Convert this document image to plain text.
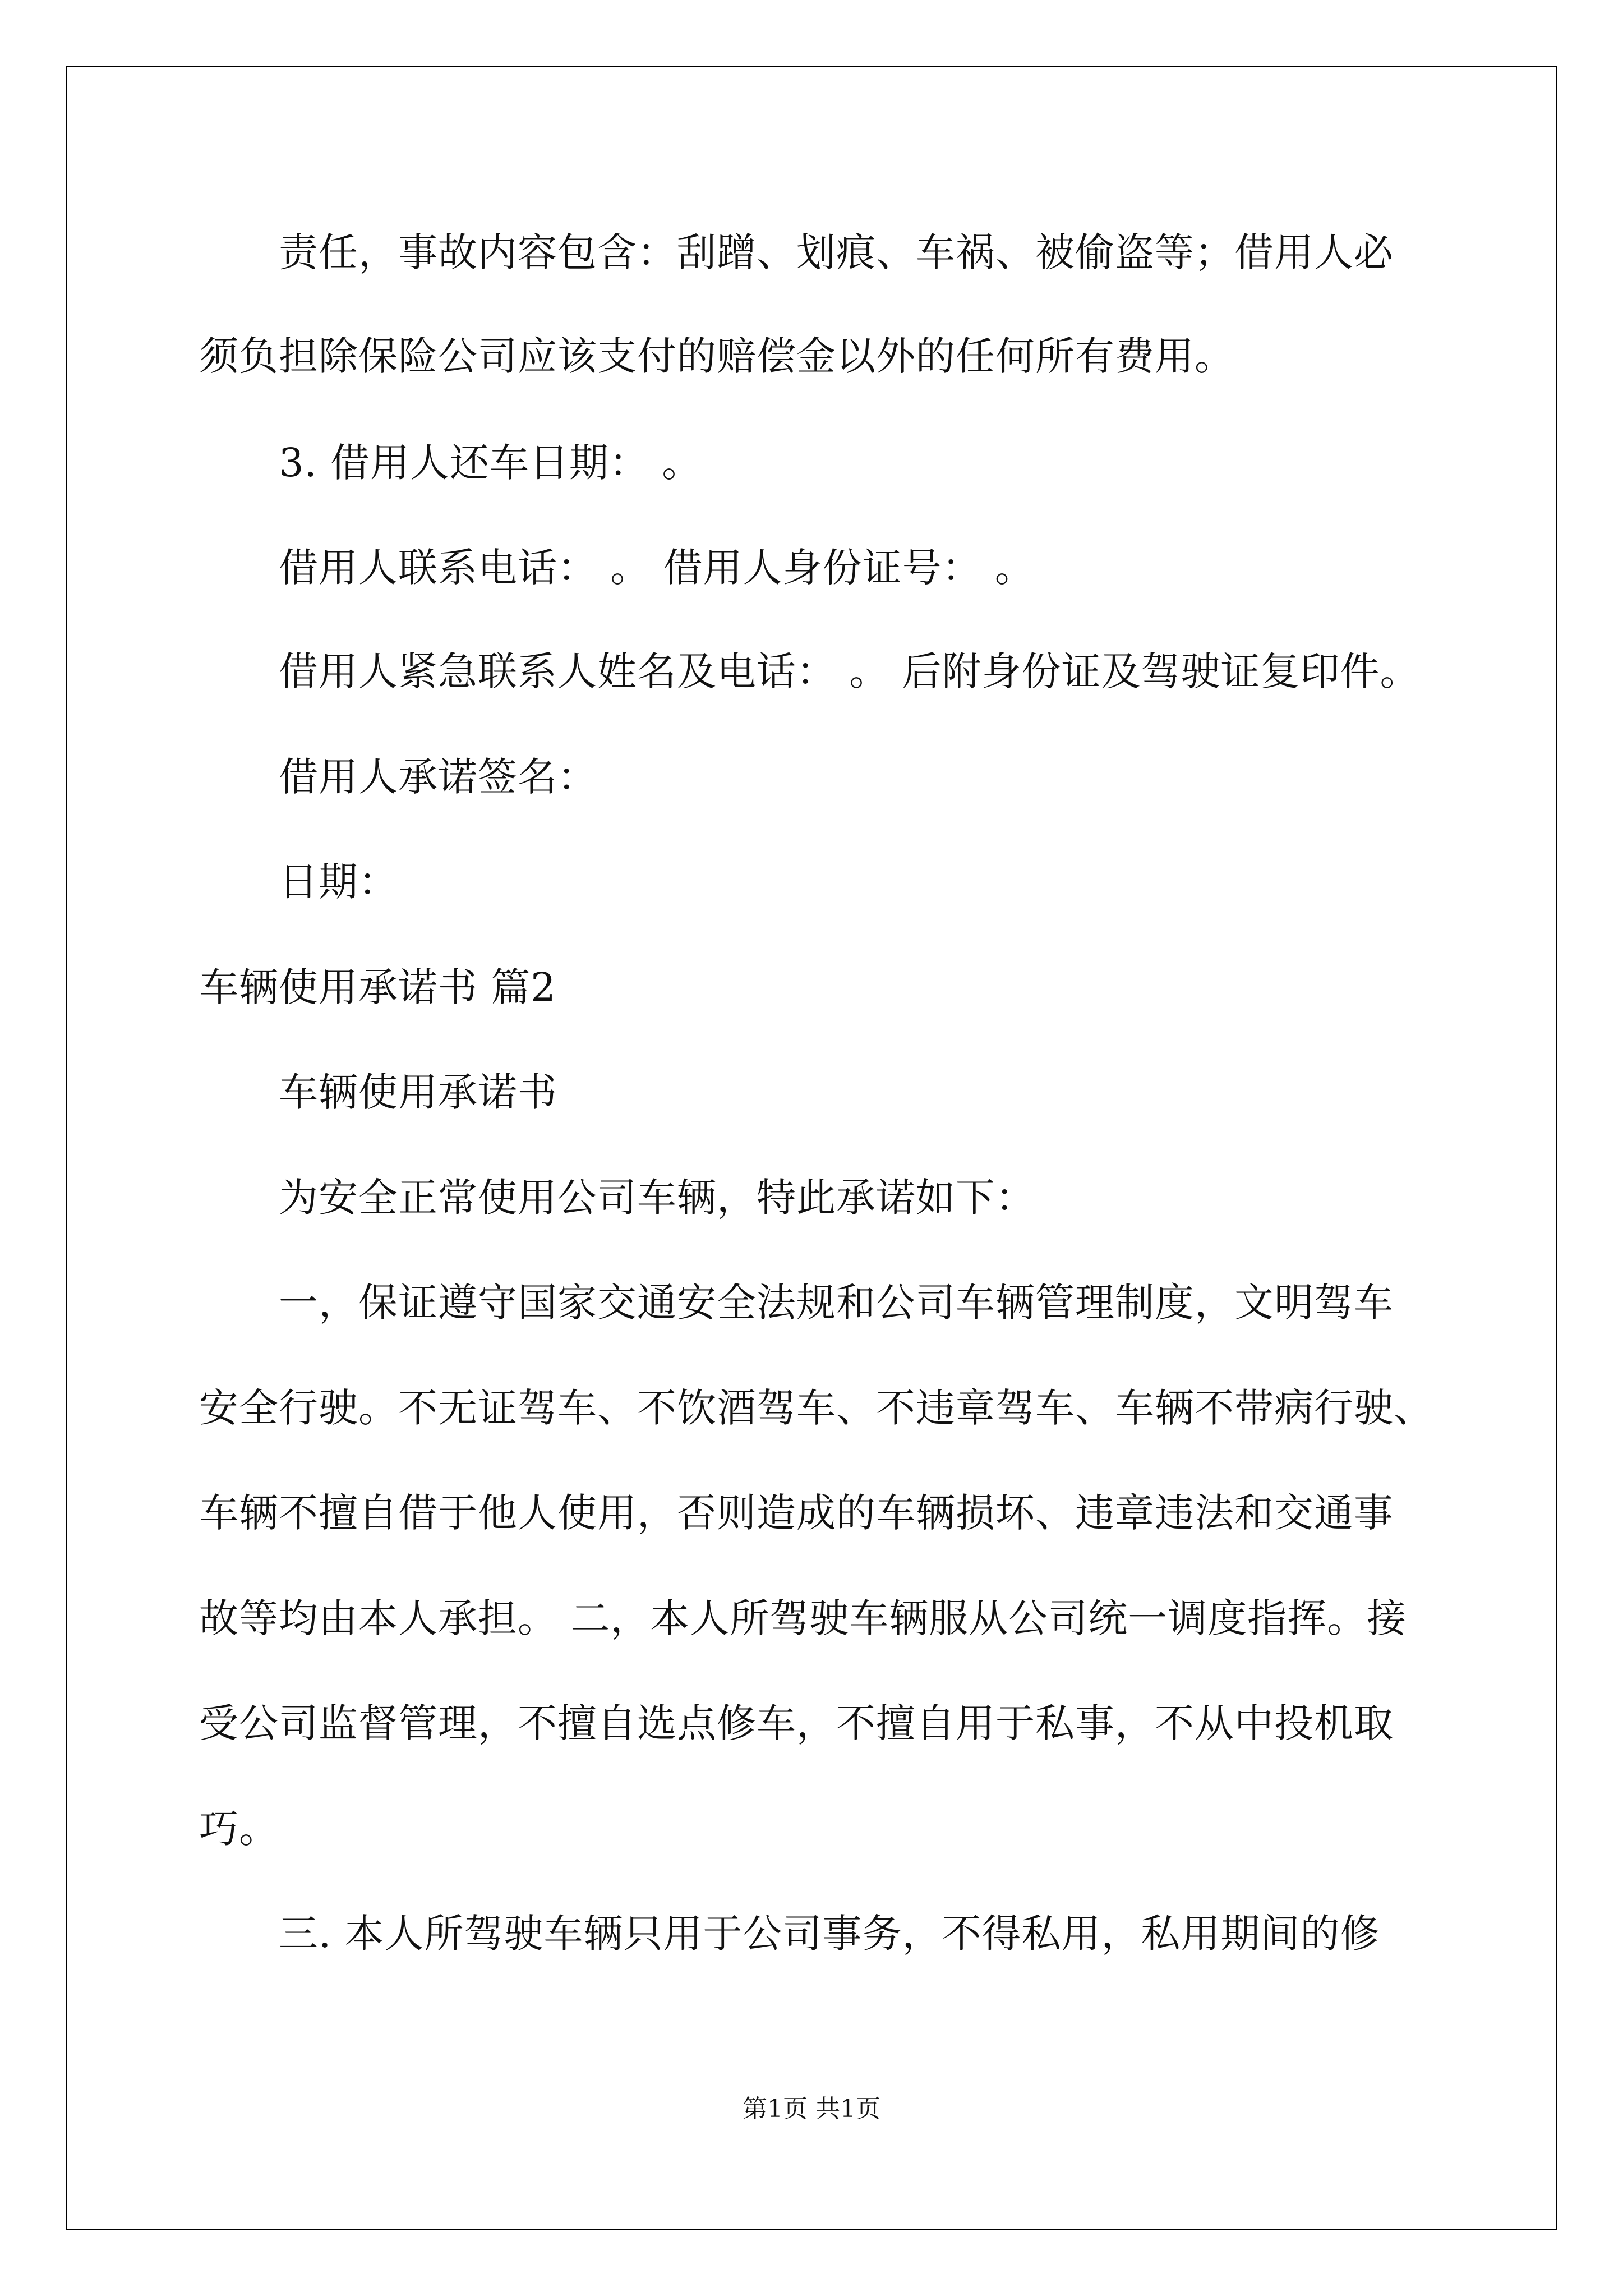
责任，事故内容包含：刮蹭、划痕、车祸、被偷盗等；借用人必
须负担除保险公司应该支付的赔偿金以外的任何所有费用。
3. 借用人还车日期： 。
借用人联系电话： 。 借用人身份证号： 。
借用人紧急联系人姓名及电话： 。 后附身份证及驾驶证复印件。
借用人承诺签名：
日期：
车辆使用承诺书 篇2
车辆使用承诺书
为安全正常使用公司车辆，特此承诺如下：
一，保证遵守国家交通安全法规和公司车辆管理制度，文明驾车
安全行驶。不无证驾车、不饮酒驾车、不违章驾车、车辆不带病行驶、
车辆不擅自借于他人使用，否则造成的车辆损坏、违章违法和交通事
故等均由本人承担。 二，本人所驾驶车辆服从公司统一调度指挥。接
受公司监督管理，不擅自选点修车，不擅自用于私事，不从中投机取
巧。
三. 本人所驾驶车辆只用于公司事务，不得私用，私用期间的修
第1页 共1页
